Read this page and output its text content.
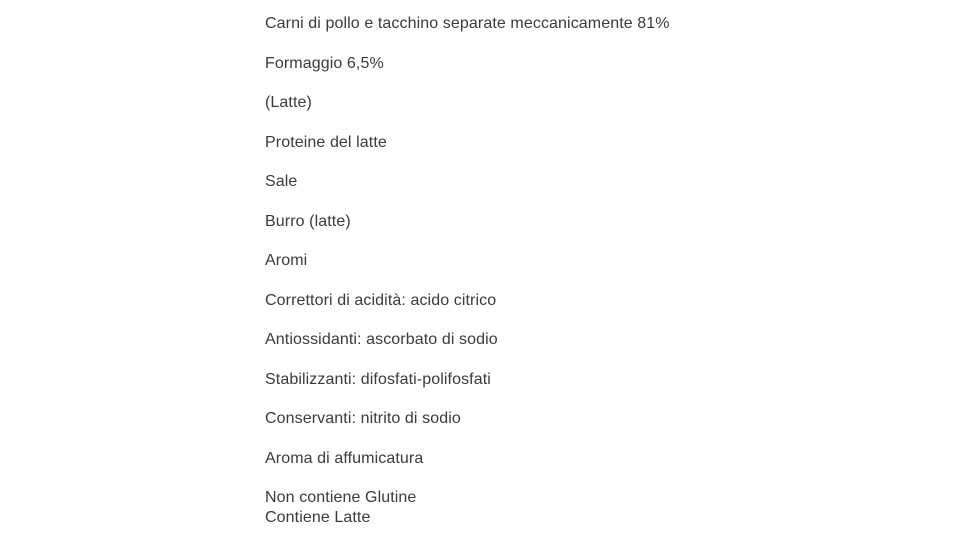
Carni di pollo e tacchino separate meccanicamente 81%
Formaggio 6,5%
(Latte)
Proteine del latte
Sale
Burro (latte)
Aromi
Correttori di acidità: acido citrico
Antiossidanti: ascorbato di sodio
Stabilizzanti: difosfati-polifosfati
Conservanti: nitrito di sodio
Aroma di affumicatura
Non contiene Glutine
Contiene Latte
